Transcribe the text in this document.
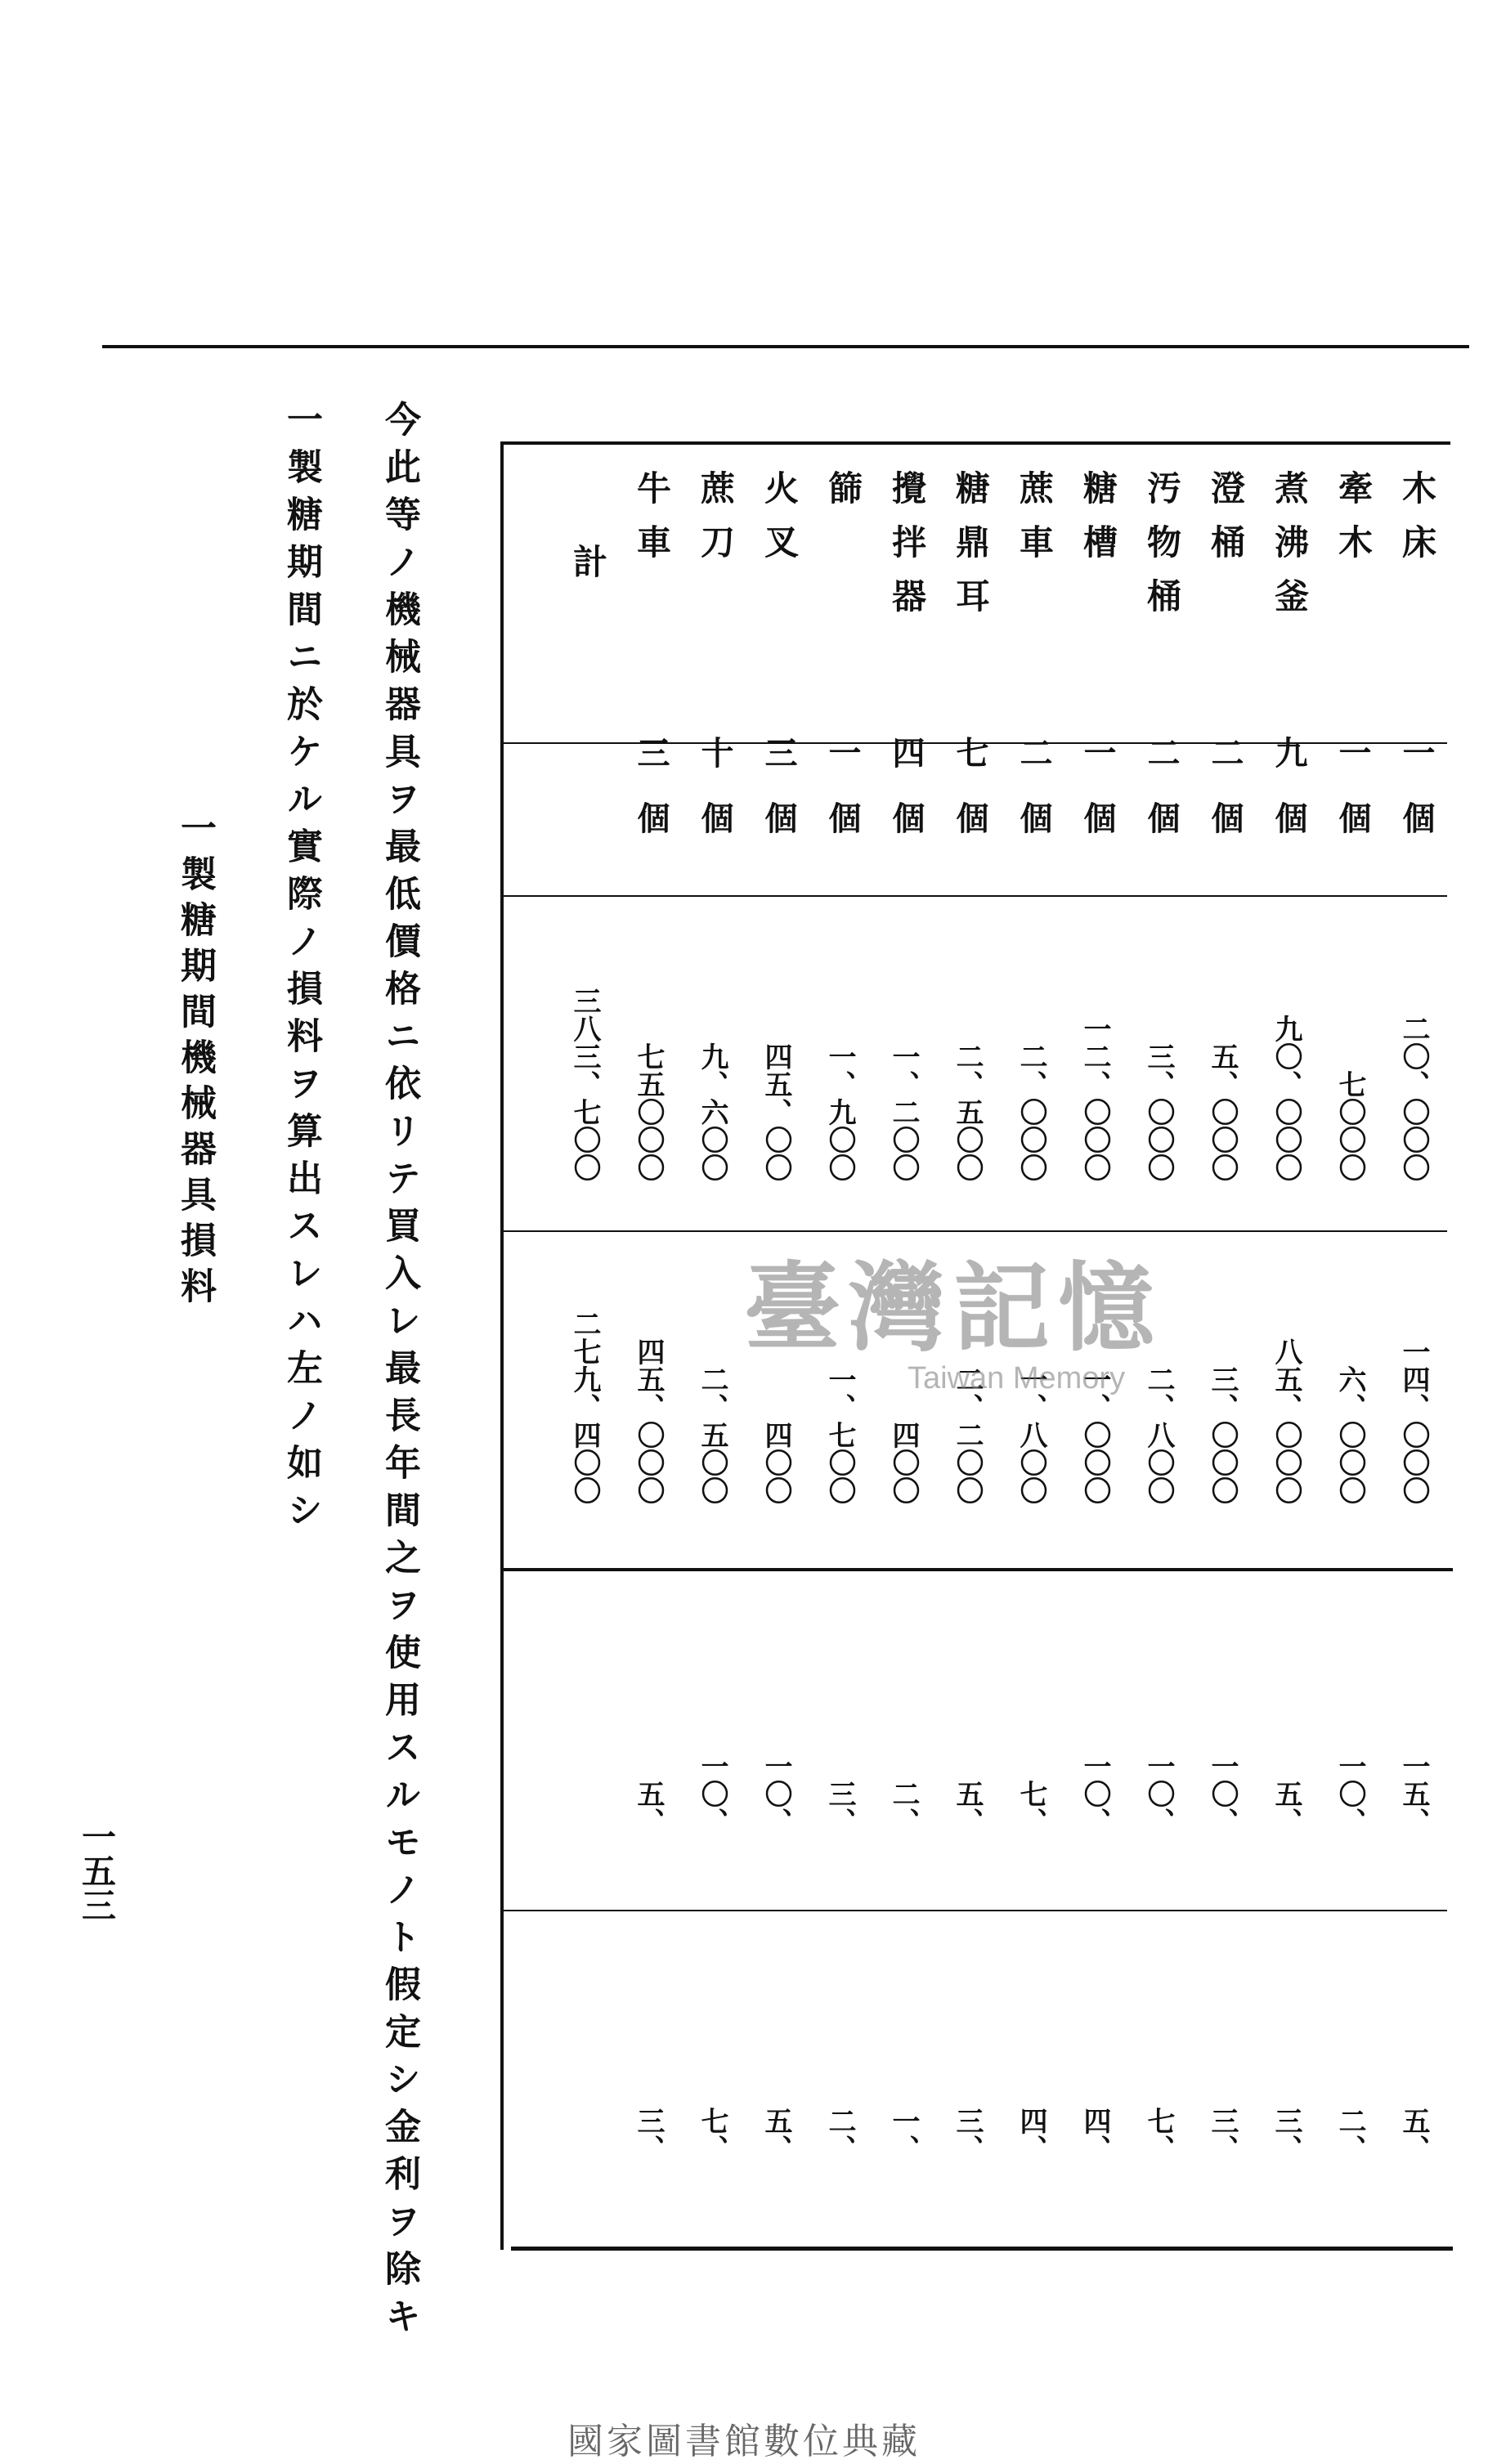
木床
一個
二〇、〇〇〇
一四、〇〇〇
一五、
五、
牽木
一個
七〇〇〇
六、〇〇〇
一〇、
二、
煮沸釜
九個
九〇、〇〇〇
八五、〇〇〇
五、
三、
澄桶
二個
五、〇〇〇
三、〇〇〇
一〇、
三、
汚物桶
二個
三、〇〇〇
二、八〇〇
一〇、
七、
糖槽
一個
一二、〇〇〇
一、〇〇〇
一〇、
四、
蔗車
二個
二、〇〇〇
一、八〇〇
七、
四、
糖鼎耳
七個
二、五〇〇
二、二〇〇
五、
三、
攪拌器
四個
一、二〇〇
四〇〇
二、
一、
篩
一個
一、九〇〇
一、七〇〇
三、
二、
火叉
三個
四五、〇〇
四〇〇
一〇、
五、
蔗刀
十個
九、六〇〇
二、五〇〇
一〇、
七、
牛車
三個
七五〇〇〇
四五、〇〇〇
五、
三、
計
三八三、七〇〇
二七九、四〇〇
今此等ノ機械器具ヲ最低價格ニ依リテ買入レ最長年間之ヲ使用スルモノト假定シ金利ヲ除キ
一製糖期間ニ於ケル實際ノ損料ヲ算出スレハ左ノ如シ
一製糖期間機械器具損料
一五三
臺灣記憶
Taiwan Memory
國家圖書館數位典藏
